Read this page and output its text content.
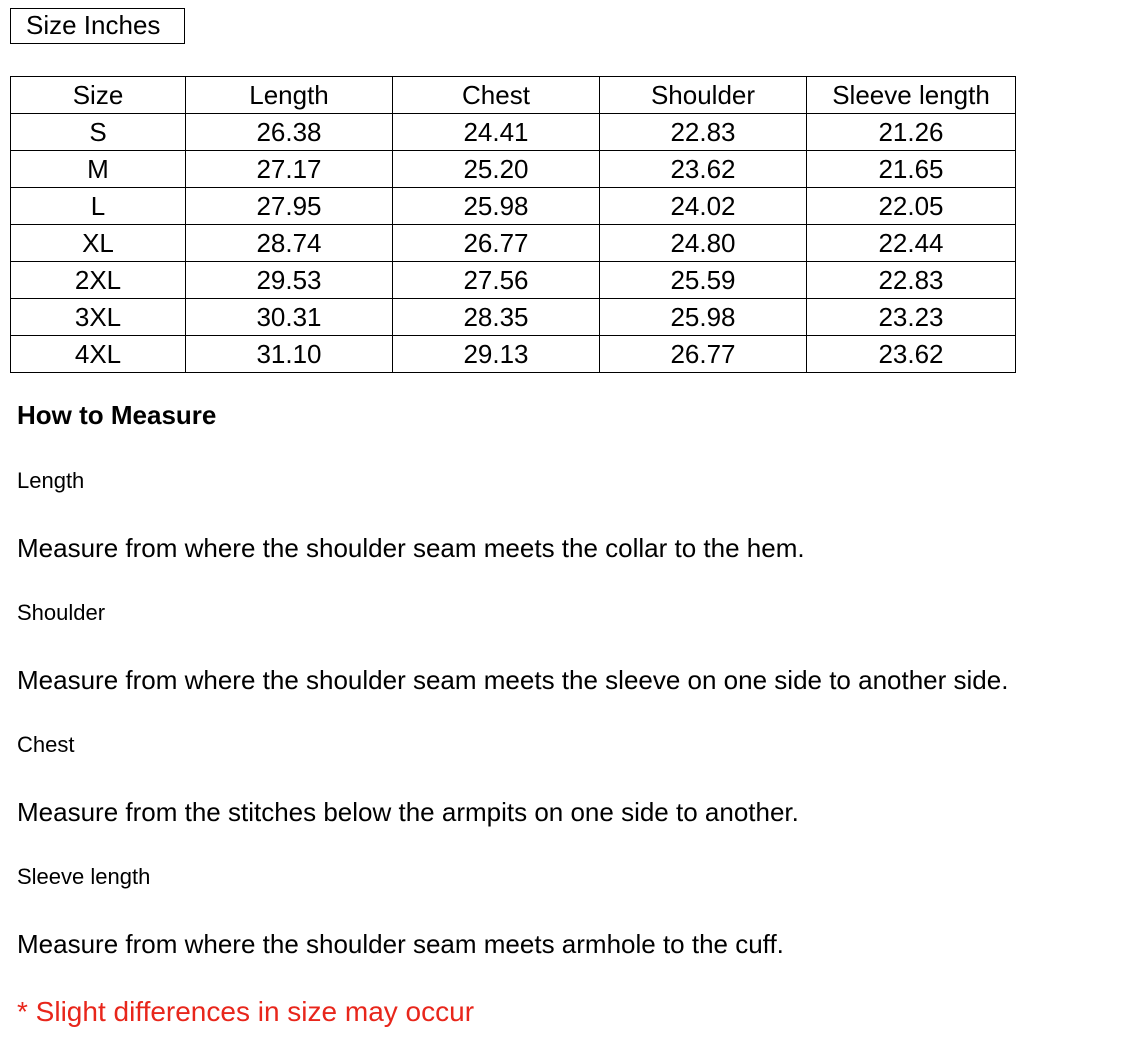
Size Inches
Size	Length	Chest	Shoulder	Sleeve length
S	26.38	24.41	22.83	21.26
M	27.17	25.20	23.62	21.65
L	27.95	25.98	24.02	22.05
XL	28.74	26.77	24.80	22.44
2XL	29.53	27.56	25.59	22.83
3XL	30.31	28.35	25.98	23.23
4XL	31.10	29.13	26.77	23.62
How to Measure
Length
Measure from where the shoulder seam meets the collar to the hem.
Shoulder
Measure from where the shoulder seam meets the sleeve on one side to another side.
Chest
Measure from the stitches below the armpits on one side to another.
Sleeve length
Measure from where the shoulder seam meets armhole to the cuff.
* Slight differences in size may occur
